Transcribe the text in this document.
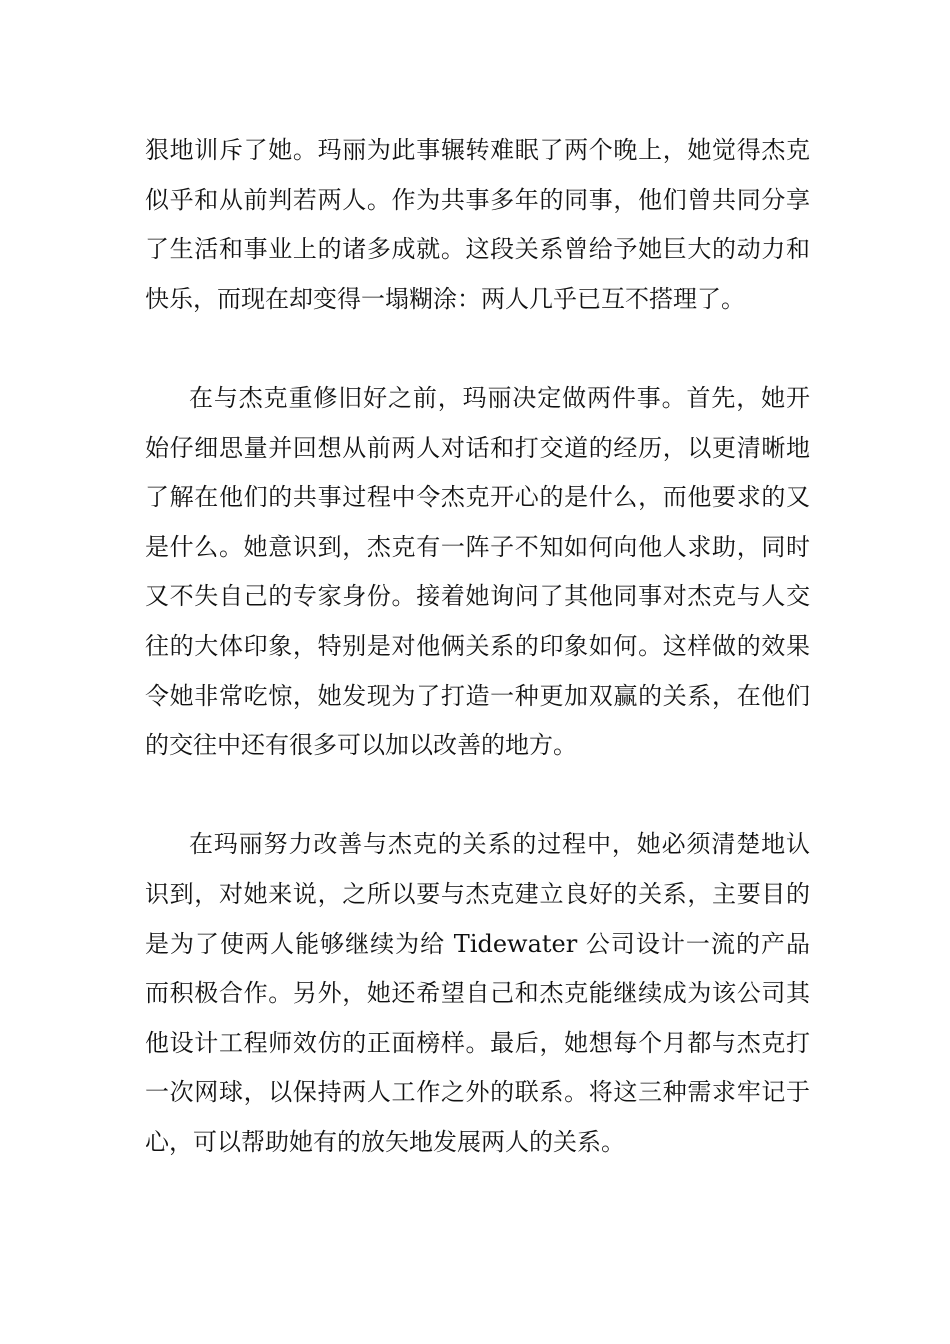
狠地训斥了她。玛丽为此事辗转难眠了两个晚上，她觉得杰克似乎和从前判若两人。作为共事多年的同事，他们曾共同分享了生活和事业上的诸多成就。这段关系曾给予她巨大的动力和快乐，而现在却变得一塌糊涂：两人几乎已互不搭理了。

在与杰克重修旧好之前，玛丽决定做两件事。首先，她开始仔细思量并回想从前两人对话和打交道的经历，以更清晰地了解在他们的共事过程中令杰克开心的是什么，而他要求的又是什么。她意识到，杰克有一阵子不知如何向他人求助，同时又不失自己的专家身份。接着她询问了其他同事对杰克与人交往的大体印象，特别是对他俩关系的印象如何。这样做的效果令她非常吃惊，她发现为了打造一种更加双赢的关系，在他们的交往中还有很多可以加以改善的地方。

在玛丽努力改善与杰克的关系的过程中，她必须清楚地认识到，对她来说，之所以要与杰克建立良好的关系，主要目的是为了使两人能够继续为给 Tidewater 公司设计一流的产品而积极合作。另外，她还希望自己和杰克能继续成为该公司其他设计工程师效仿的正面榜样。最后，她想每个月都与杰克打一次网球，以保持两人工作之外的联系。将这三种需求牢记于心，可以帮助她有的放矢地发展两人的关系。
